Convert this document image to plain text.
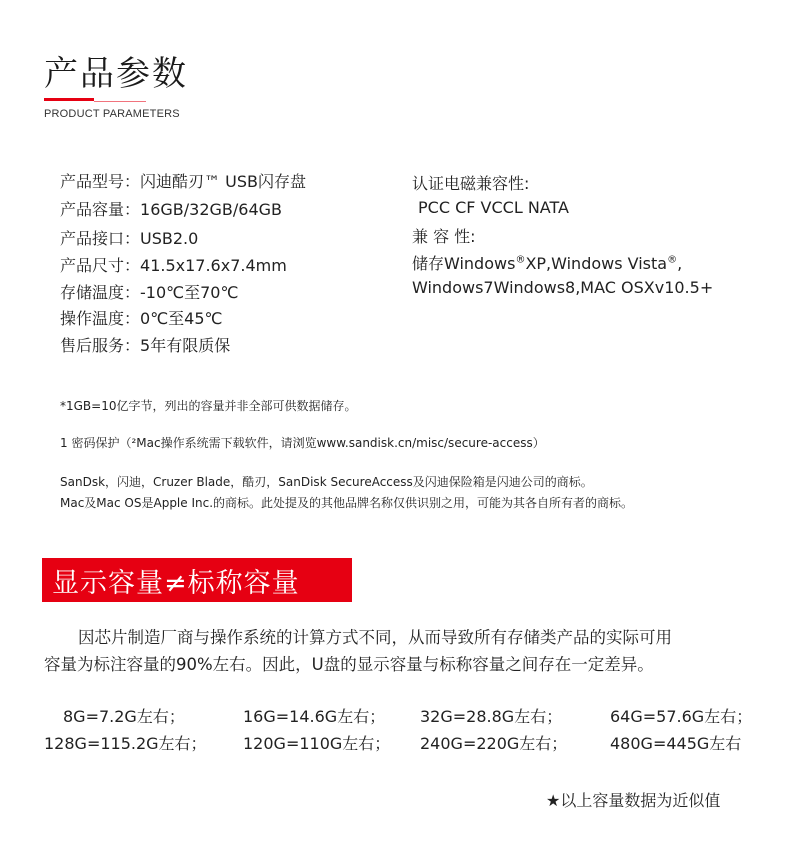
产品参数
PRODUCT PARAMETERS
产品型号：闪迪酷刃™ USB闪存盘
产品容量：16GB/32GB/64GB
产品接口：USB2.0
产品尺寸：41.5x17.6x7.4mm
存储温度：-10℃至70℃
操作温度：0℃至45℃
售后服务：5年有限质保
认证电磁兼容性:
PCC CF VCCL NATA
兼 容 性:
储存Windows®XP,Windows Vista®,
Windows7Windows8,MAC OSXv10.5+
*1GB=10亿字节，列出的容量并非全部可供数据储存。
1 密码保护（²Mac操作系统需下载软件，请浏览www.sandisk.cn/misc/secure-access）
SanDsk，闪迪，Cruzer Blade，酷刃，SanDisk SecureAccess及闪迪保险箱是闪迪公司的商标。
Mac及Mac OS是Apple Inc.的商标。此处提及的其他品牌名称仅供识别之用，可能为其各自所有者的商标。
显示容量≠标称容量
因芯片制造厂商与操作系统的计算方式不同，从而导致所有存储类产品的实际可用
容量为标注容量的90%左右。因此，U盘的显示容量与标称容量之间存在一定差异。
8G=7.2G左右；	16G=14.6G左右； 32G=28.8G左右；	64G=57.6G左右；
128G=115.2G左右； 120G=110G左右； 240G=220G左右；	480G=445G左右
★以上容量数据为近似值
